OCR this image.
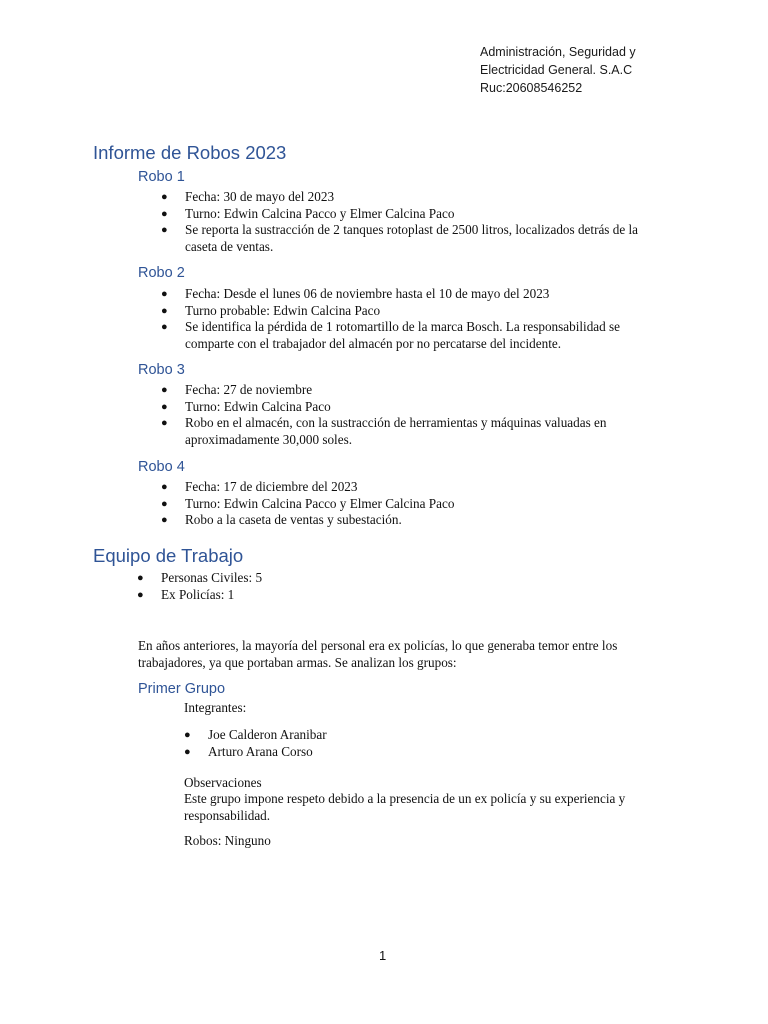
Administración, Seguridad y
Electricidad General. S.A.C
Ruc:20608546252
Informe de Robos 2023
Robo 1
● Fecha: 30 de mayo del 2023
● Turno: Edwin Calcina Pacco y Elmer Calcina Paco
● Se reporta la sustracción de 2 tanques rotoplast de 2500 litros, localizados detrás de la caseta de ventas.
Robo 2
● Fecha: Desde el lunes 06 de noviembre hasta el 10 de mayo del 2023
● Turno probable: Edwin Calcina Paco
● Se identifica la pérdida de 1 rotomartillo de la marca Bosch. La responsabilidad se comparte con el trabajador del almacén por no percatarse del incidente.
Robo 3
● Fecha: 27 de noviembre
● Turno: Edwin Calcina Paco
● Robo en el almacén, con la sustracción de herramientas y máquinas valuadas en aproximadamente 30,000 soles.
Robo 4
● Fecha: 17 de diciembre del 2023
● Turno: Edwin Calcina Pacco y Elmer Calcina Paco
● Robo a la caseta de ventas y subestación.
Equipo de Trabajo
● Personas Civiles: 5
● Ex Policías: 1

En años anteriores, la mayoría del personal era ex policías, lo que generaba temor entre los trabajadores, ya que portaban armas. Se analizan los grupos:

Primer Grupo

Integrantes:

● Joe Calderon Aranibar
● Arturo Arana Corso

Observaciones

Este grupo impone respeto debido a la presencia de un ex policía y su experiencia y responsabilidad.

Robos: Ninguno

1
